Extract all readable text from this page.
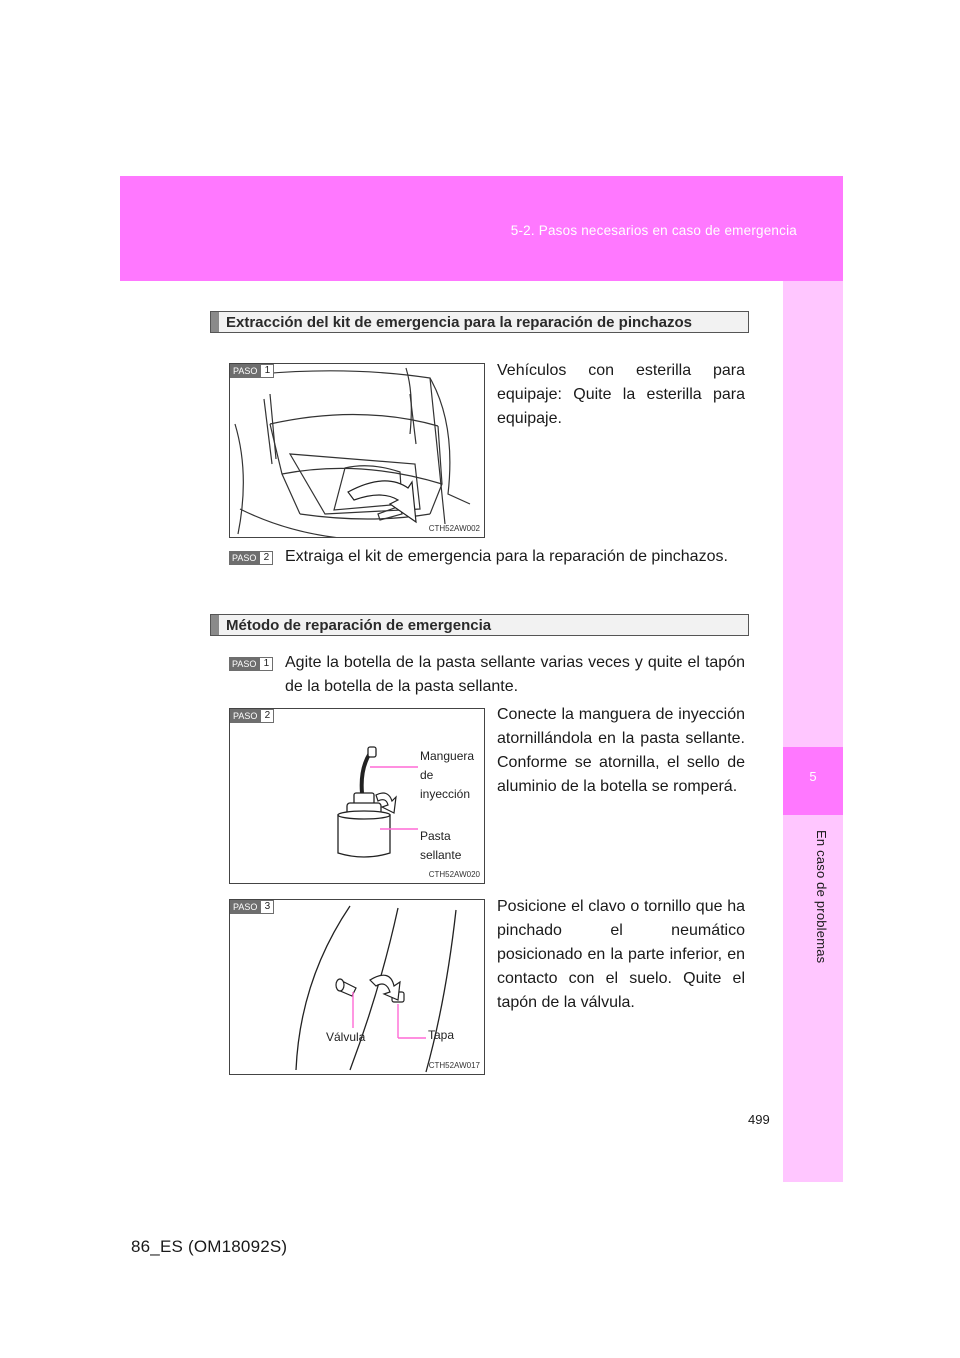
5-2. Pasos necesarios en caso de emergencia
5
En caso de problemas
Extracción del kit de emergencia para la reparación de pinchazos
PASO 1
CTH52AW002
Vehículos con esterilla para equipaje: Quite la esterilla para equipaje.
PASO 2 Extraiga el kit de emergencia para la reparación de pinchazos.
Método de reparación de emergencia
PASO 1 Agite la botella de la pasta sellante varias veces y quite el tapón de la botella de la pasta sellante.
PASO 2
Manguera de inyección
Pasta sellante
CTH52AW020
Conecte la manguera de inyección atornillándola en la pasta sellante. Conforme se atornilla, el sello de aluminio de la botella se romperá.
PASO 3
Válvula	Tapa
CTH52AW017
Posicione el clavo o tornillo que ha pinchado el neumático posicionado en la parte inferior, en contacto con el suelo. Quite el tapón de la válvula.
499
86_ES (OM18092S)
